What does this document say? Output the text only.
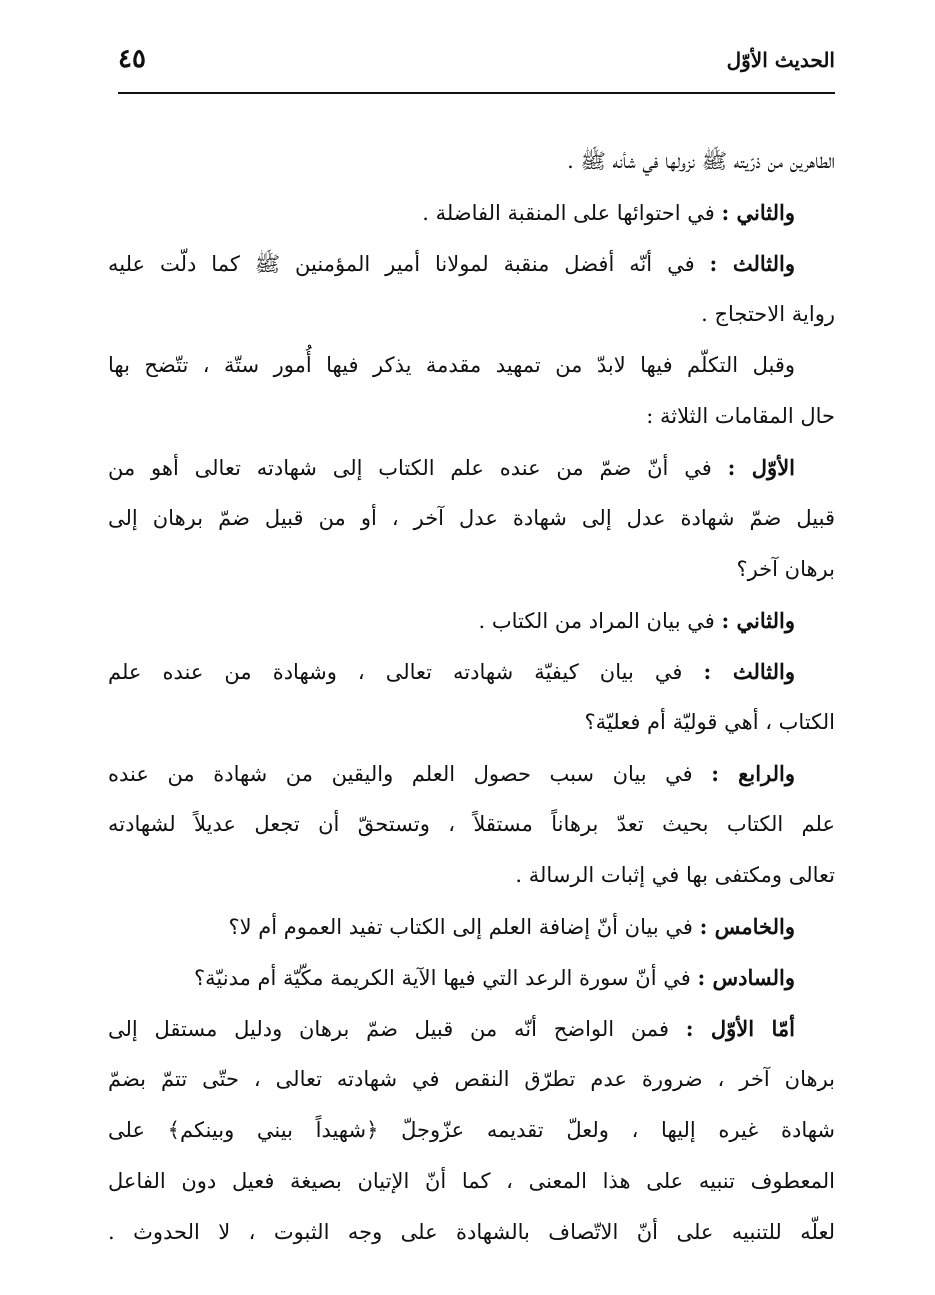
الحديث الأوّل
٤٥
الطاهرين من ذرّيته ﷺ نزولها في شأنه ﷺ .
والثاني : في احتوائها على المنقبة الفاضلة .
والثالث : في أنّه أفضل منقبة لمولانا أمير المؤمنين ﷺ كما دلّت عليه
رواية الاحتجاج .
وقبل التكلّم فيها لابدّ من تمهيد مقدمة يذكر فيها أُمور ستّة ، تتّضح بها
حال المقامات الثلاثة :
الأوّل : في أنّ ضمّ من عنده علم الكتاب إلى شهادته تعالى أهو من
قبيل ضمّ شهادة عدل إلى شهادة عدل آخر ، أو من قبيل ضمّ برهان إلى
برهان آخر؟
والثاني : في بيان المراد من الكتاب .
والثالث : في بيان كيفيّة شهادته تعالى ، وشهادة من عنده علم
الكتاب ، أهي قوليّة أم فعليّة؟
والرابع : في بيان سبب حصول العلم واليقين من شهادة من عنده
علم الكتاب بحيث تعدّ برهاناً مستقلاً ، وتستحقّ أن تجعل عديلاً لشهادته
تعالى ومكتفى بها في إثبات الرسالة .
والخامس : في بيان أنّ إضافة العلم إلى الكتاب تفيد العموم أم لا؟
والسادس : في أنّ سورة الرعد التي فيها الآية الكريمة مكّيّة أم مدنيّة؟
أمّا الأوّل : فمن الواضح أنّه من قبيل ضمّ برهان ودليل مستقل إلى
برهان آخر ، ضرورة عدم تطرّق النقص في شهادته تعالى ، حتّى تتمّ بضمّ
شهادة غيره إليها ، ولعلّ تقديمه عزّوجلّ ﴿شهيداً بيني وبينكم﴾ على
المعطوف تنبيه على هذا المعنى ، كما أنّ الإتيان بصيغة فعيل دون الفاعل
لعلّه للتنبيه على أنّ الاتّصاف بالشهادة على وجه الثبوت ، لا الحدوث .
